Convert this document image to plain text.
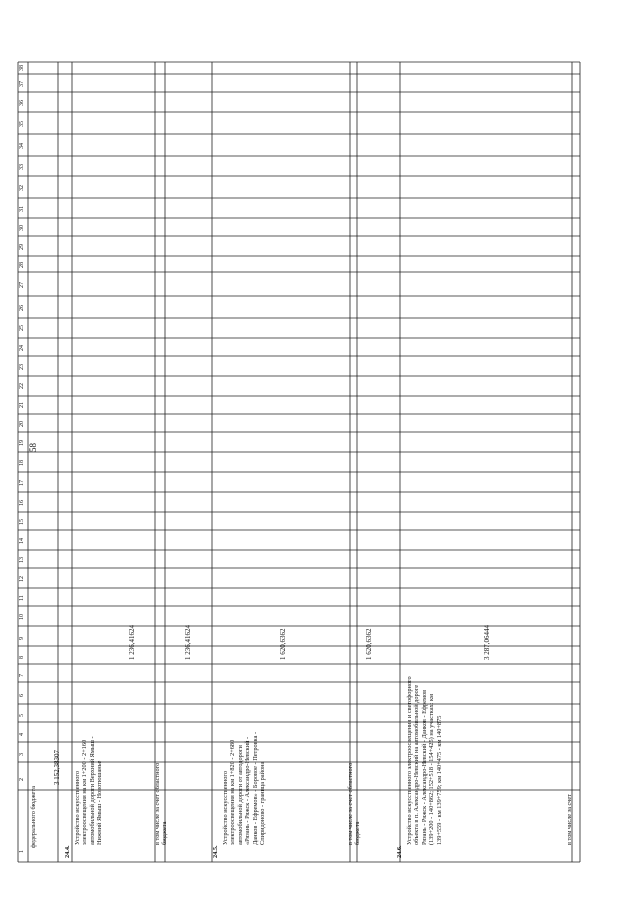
1
2
3
4
5
6
7
8
9
10
11
12
13
14
15
16
17
18
19
20
21
22
23
24
25
26
27
28
29
30
31
32
33
34
35
36
37
38
федерального бюджета
3 152,38307
24.4.
Устройство искусственного электроосвещения на км 1+200 - 2+160 автомобильной дороги Верхний Ямыш - Нижний Ямыш - Новотюшанье
1 236,41624
в том числе за счет областного бюджета
1 236,41624
24.5.
Устройство искусственного электроосвещения на км 1+820 - 2+680 автомобильной дороги от автодороги «Рязань - Ряжск - Александро-Невский - Данков - Ефремов» - Боровое - Петровка - Спиридоново - граница района
1 620,6362
в том числе за счет областного бюджета
1 620,6362
24.6.
Устройство искусственного электроосвещения и светофорного объекта в п. Александро-Невский на автомобильной дороге Рязань - Ряжск - Александро-Невский - Данков - Ефремов (139+200 - 140+862; 152+518 - 154+425) на участках: км 139+559 - км 139+759; км 140+475 - км 140+875
3 287,06444
в том числе за счет
58
